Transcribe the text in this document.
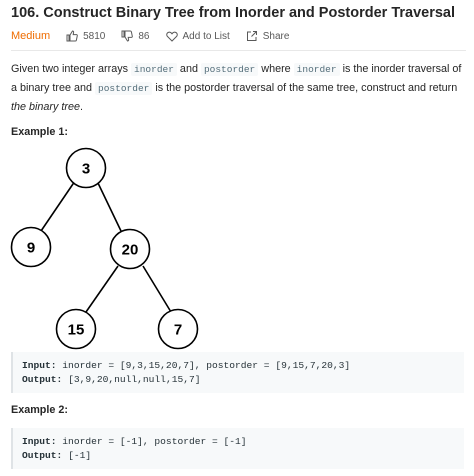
106. Construct Binary Tree from Inorder and Postorder Traversal
Medium	5810	86	Add to List	Share

Given two integer arrays inorder and postorder where inorder is the inorder traversal of a binary tree and postorder is the postorder traversal of the same tree, construct and return the binary tree.

Example 1:

3
9	20
15	7
Input: inorder = [9,3,15,20,7], postorder = [9,15,7,20,3]
Output: [3,9,20,null,null,15,7]

Example 2:

Input: inorder = [-1], postorder = [-1]
Output: [-1]
